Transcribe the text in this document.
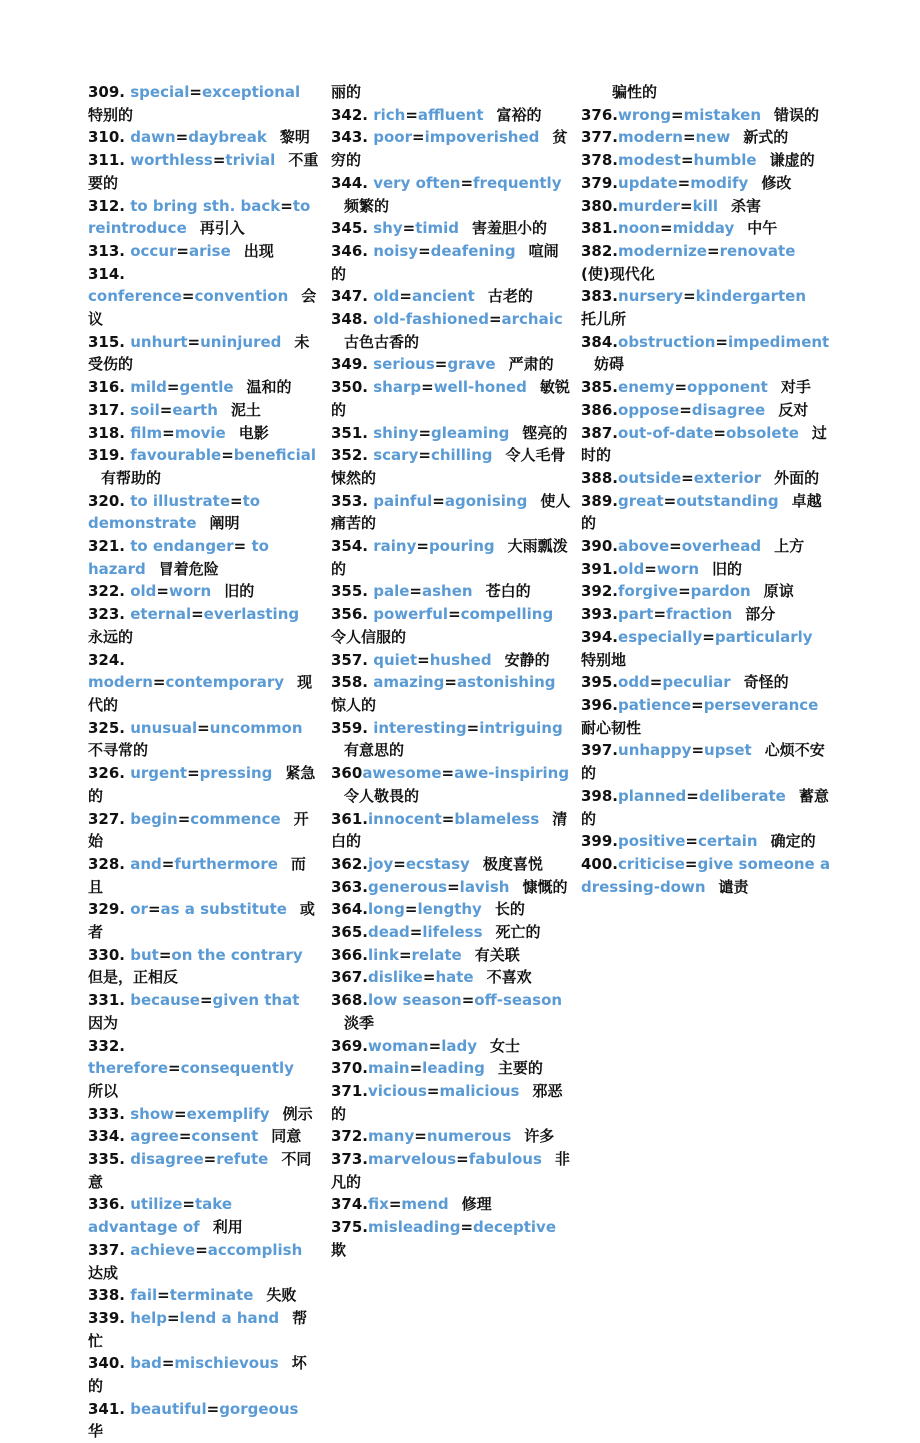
309. special=exceptional特别的
310. dawn=daybreak 黎明
311. worthless=trivial 不重要的
312. to bring sth. back=to reintroduce 再引入
313. occur=arise 出现
314. conference=convention 会议
315. unhurt=uninjured 未受伤的
316. mild=gentle 温和的
317. soil=earth 泥土
318. film=movie 电影
319. favourable=beneficial有帮助的
320. to illustrate=to demonstrate 阐明
321. to endanger= to hazard 冒着危险
322. old=worn 旧的
323. eternal=everlasting永远的
324. modern=contemporary 现代的
325. unusual=uncommon不寻常的
326. urgent=pressing 紧急的
327. begin=commence 开始
328. and=furthermore 而且
329. or=as a substitute 或者
330. but=on the contrary但是，正相反
331. because=given that因为
332. therefore=consequently所以
333. show=exemplify 例示
334. agree=consent 同意
335. disagree=refute 不同意
336. utilize=take advantage of 利用
337. achieve=accomplish达成
338. fail=terminate 失败
339. help=lend a hand 帮忙
340. bad=mischievous 坏的
341. beautiful=gorgeous华
丽的
342. rich=affluent 富裕的
343. poor=impoverished 贫穷的
344. very often=frequently频繁的
345. shy=timid 害羞胆小的
346. noisy=deafening 喧闹的
347. old=ancient 古老的
348. old-fashioned=archaic古色古香的
349. serious=grave 严肃的
350. sharp=well-honed 敏锐的
351. shiny=gleaming 铿亮的
352. scary=chilling 令人毛骨悚然的
353. painful=agonising 使人痛苦的
354. rainy=pouring 大雨瓢泼的
355. pale=ashen 苍白的
356. powerful=compelling令人信服的
357. quiet=hushed 安静的
358. amazing=astonishing惊人的
359. interesting=intriguing有意思的
360awesome=awe-inspiring令人敬畏的
361.innocent=blameless 清白的
362.joy=ecstasy 极度喜悦
363.generous=lavish 慷慨的
364.long=lengthy 长的
365.dead=lifeless 死亡的
366.link=relate 有关联
367.dislike=hate 不喜欢
368.low season=off-season淡季
369.woman=lady 女士
370.main=leading 主要的
371.vicious=malicious 邪恶的
372.many=numerous 许多
373.marvelous=fabulous 非凡的
374.fix=mend 修理
375.misleading=deceptive欺
骗性的
376.wrong=mistaken 错误的
377.modern=new 新式的
378.modest=humble 谦虚的
379.update=modify 修改
380.murder=kill 杀害
381.noon=midday 中午
382.modernize=renovate(使)现代化
383.nursery=kindergarten托儿所
384.obstruction=impediment妨碍
385.enemy=opponent 对手
386.oppose=disagree 反对
387.out-of-date=obsolete 过时的
388.outside=exterior 外面的
389.great=outstanding 卓越的
390.above=overhead 上方
391.old=worn 旧的
392.forgive=pardon 原谅
393.part=fraction 部分
394.especially=particularly特别地
395.odd=peculiar 奇怪的
396.patience=perseverance耐心韧性
397.unhappy=upset 心烦不安的
398.planned=deliberate 蓄意的
399.positive=certain 确定的
400.criticise=give someone a dressing-down 谴责
